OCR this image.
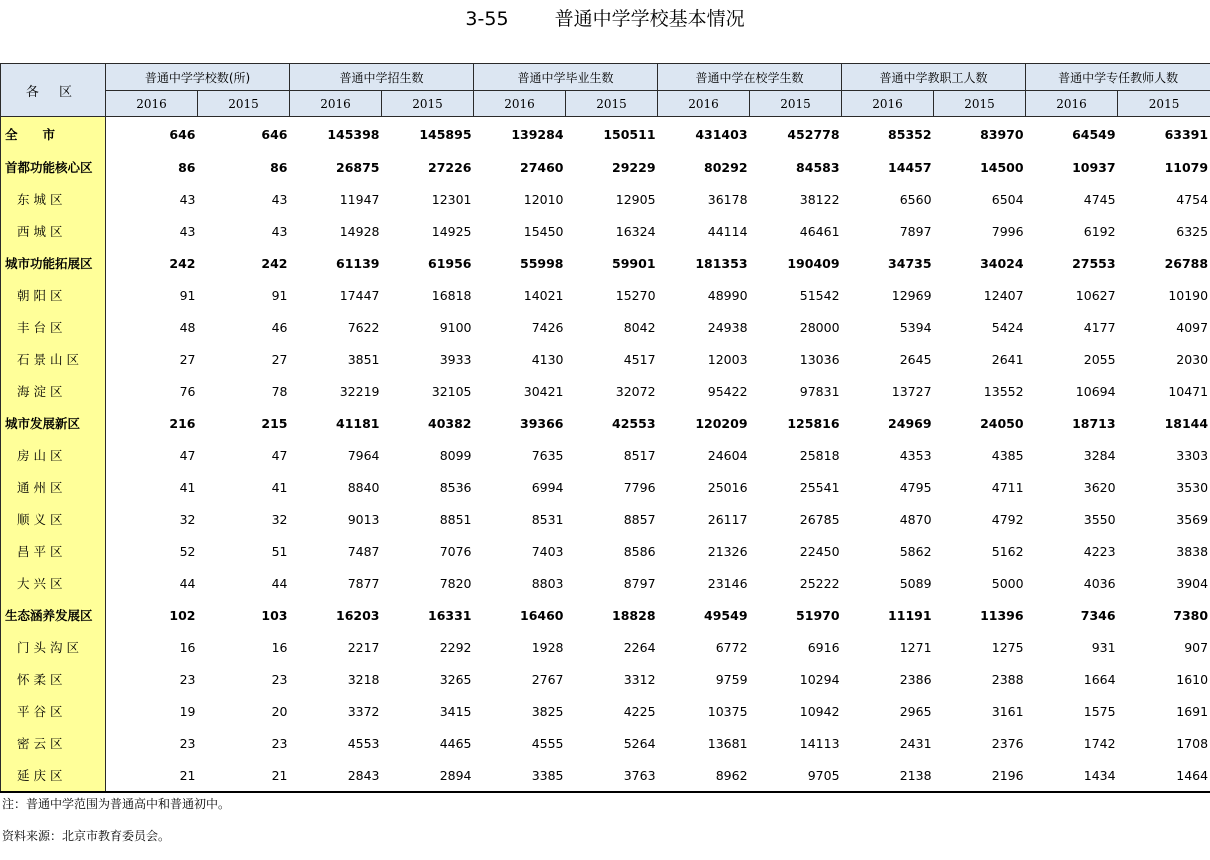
3-55 普通中学学校基本情况
各 区	普通中学学校数(所)		普通中学招生数		普通中学毕业生数		普通中学在校学生数		普通中学教职工人数		普通中学专任教师人数	
	2016	2015	2016	2015	2016	2015	2016	2015	2016	2015	2016	2015
全　　市	646	646	145398	145895	139284	150511	431403	452778	85352	83970	64549	63391
首都功能核心区	86	86	26875	27226	27460	29229	80292	84583	14457	14500	10937	11079
东城区	43	43	11947	12301	12010	12905	36178	38122	6560	6504	4745	4754
西城区	43	43	14928	14925	15450	16324	44114	46461	7897	7996	6192	6325
城市功能拓展区	242	242	61139	61956	55998	59901	181353	190409	34735	34024	27553	26788
朝阳区	91	91	17447	16818	14021	15270	48990	51542	12969	12407	10627	10190
丰台区	48	46	7622	9100	7426	8042	24938	28000	5394	5424	4177	4097
石景山区	27	27	3851	3933	4130	4517	12003	13036	2645	2641	2055	2030
海淀区	76	78	32219	32105	30421	32072	95422	97831	13727	13552	10694	10471
城市发展新区	216	215	41181	40382	39366	42553	120209	125816	24969	24050	18713	18144
房山区	47	47	7964	8099	7635	8517	24604	25818	4353	4385	3284	3303
通州区	41	41	8840	8536	6994	7796	25016	25541	4795	4711	3620	3530
顺义区	32	32	9013	8851	8531	8857	26117	26785	4870	4792	3550	3569
昌平区	52	51	7487	7076	7403	8586	21326	22450	5862	5162	4223	3838
大兴区	44	44	7877	7820	8803	8797	23146	25222	5089	5000	4036	3904
生态涵养发展区	102	103	16203	16331	16460	18828	49549	51970	11191	11396	7346	7380
门头沟区	16	16	2217	2292	1928	2264	6772	6916	1271	1275	931	907
怀柔区	23	23	3218	3265	2767	3312	9759	10294	2386	2388	1664	1610
平谷区	19	20	3372	3415	3825	4225	10375	10942	2965	3161	1575	1691
密云区	23	23	4553	4465	4555	5264	13681	14113	2431	2376	1742	1708
延庆区	21	21	2843	2894	3385	3763	8962	9705	2138	2196	1434	1464
注：普通中学范围为普通高中和普通初中。
资料来源：北京市教育委员会。
